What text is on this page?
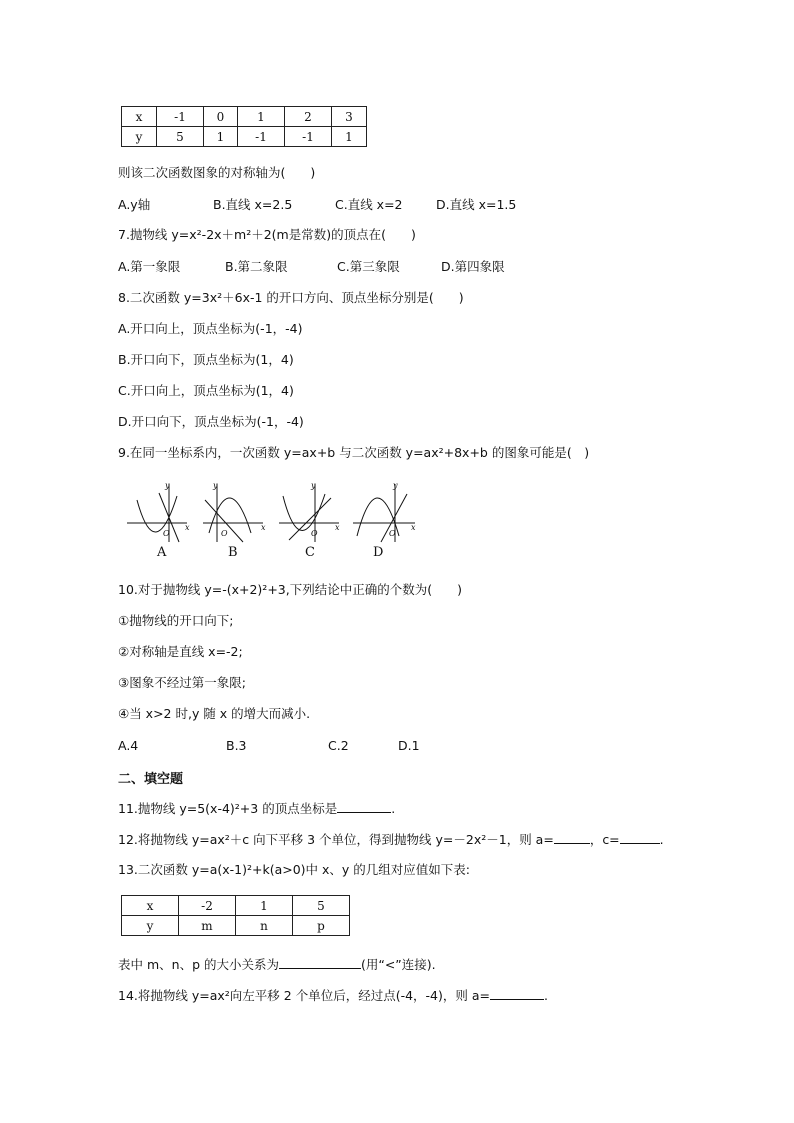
x	-1	0	1	2	3
y	5	1	-1	-1	1
则该二次函数图象的对称轴为(　　)
A.y轴	B.直线 x=2.5	C.直线 x=2	D.直线 x=1.5
7.抛物线 y=x²-2x＋m²＋2(m是常数)的顶点在(　　)
A.第一象限	B.第二象限	C.第三象限	D.第四象限
8.二次函数 y=3x²＋6x-1 的开口方向、顶点坐标分别是(　　)
A.开口向上，顶点坐标为(-1，-4)
B.开口向下，顶点坐标为(1，4)
C.开口向上，顶点坐标为(1，4)
D.开口向下，顶点坐标为(-1，-4)
9.在同一坐标系内，一次函数 y=ax+b 与二次函数 y=ax²+8x+b 的图象可能是(　)
y
x
O
y
x
O
y
x
O
y
x
O
A	B	C	D
10.对于抛物线 y=-(x+2)²+3,下列结论中正确的个数为(　　)
①抛物线的开口向下;
②对称轴是直线 x=-2;
③图象不经过第一象限;
④当 x>2 时,y 随 x 的增大而减小.
A.4	B.3	C.2	D.1
二、填空题
11.抛物线 y=5(x-4)²+3 的顶点坐标是	.
12.将抛物线 y=ax²＋c 向下平移 3 个单位，得到抛物线 y=－2x²－1，则 a=	，c=	.
13.二次函数 y=a(x-1)²+k(a>0)中 x、y 的几组对应值如下表:
x	-2	1	5
y	m	n	p
表中 m、n、p 的大小关系为	(用“<”连接).
14.将抛物线 y=ax²向左平移 2 个单位后，经过点(-4，-4)，则 a=	.
